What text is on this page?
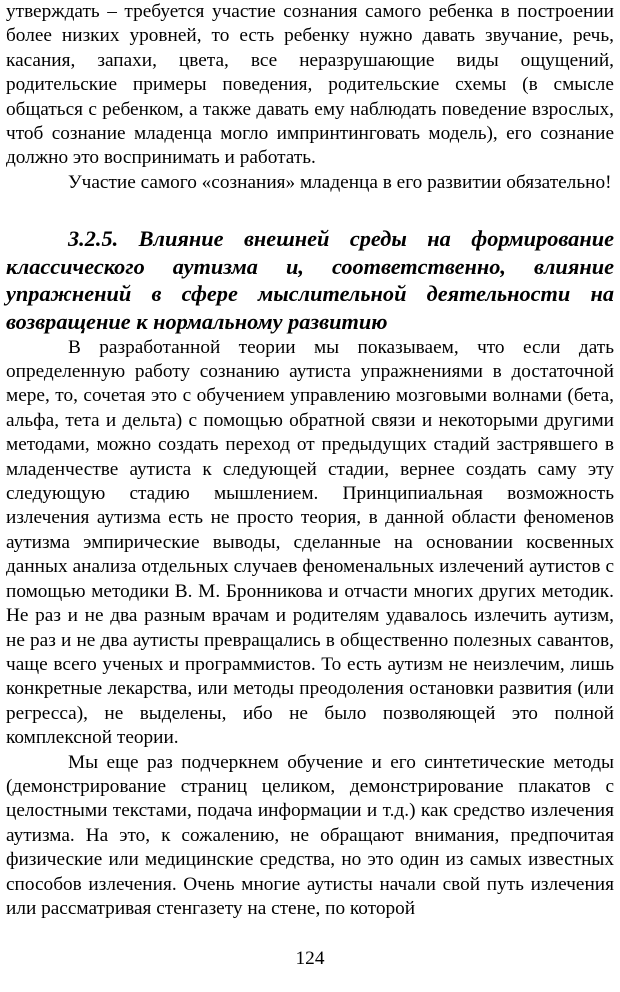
утверждать – требуется участие сознания самого ребенка в построении более низких уровней, то есть ребенку нужно давать звучание, речь, касания, запахи, цвета, все неразрушающие виды ощущений, родительские примеры поведения, родительские схемы (в смысле общаться с ребенком, а также давать ему наблюдать поведение взрослых, чтоб сознание младенца могло импринтинговать модель), его сознание должно это воспринимать и работать.

Участие самого «сознания» младенца в его развитии обязательно!

3.2.5. Влияние внешней среды на формирование классического аутизма и, соответственно, влияние упражнений в сфере мыслительной деятельности на возвращение к нормальному развитию

В разработанной теории мы показываем, что если дать определенную работу сознанию аутиста упражнениями в достаточной мере, то, сочетая это с обучением управлению мозговыми волнами (бета, альфа, тета и дельта) с помощью обратной связи и некоторыми другими методами, можно создать переход от предыдущих стадий застрявшего в младенчестве аутиста к следующей стадии, вернее создать саму эту следующую стадию мышлением. Принципиальная возможность излечения аутизма есть не просто теория, в данной области феноменов аутизма эмпирические выводы, сделанные на основании косвенных данных анализа отдельных случаев феноменальных излечений аутистов с помощью методики В. М. Бронникова и отчасти многих других методик. Не раз и не два разным врачам и родителям удавалось излечить аутизм, не раз и не два аутисты превращались в общественно полезных савантов, чаще всего ученых и программистов. То есть аутизм не неизлечим, лишь конкретные лекарства, или методы преодоления остановки развития (или регресса), не выделены, ибо не было позволяющей это полной комплексной теории.

Мы еще раз подчеркнем обучение и его синтетические методы (демонстрирование страниц целиком, демонстрирование плакатов с целостными текстами, подача информации и т.д.) как средство излечения аутизма. На это, к сожалению, не обращают внимания, предпочитая физические или медицинские средства, но это один из самых известных способов излечения. Очень многие аутисты начали свой путь излечения или рассматривая стенгазету на стене, по которой

124
